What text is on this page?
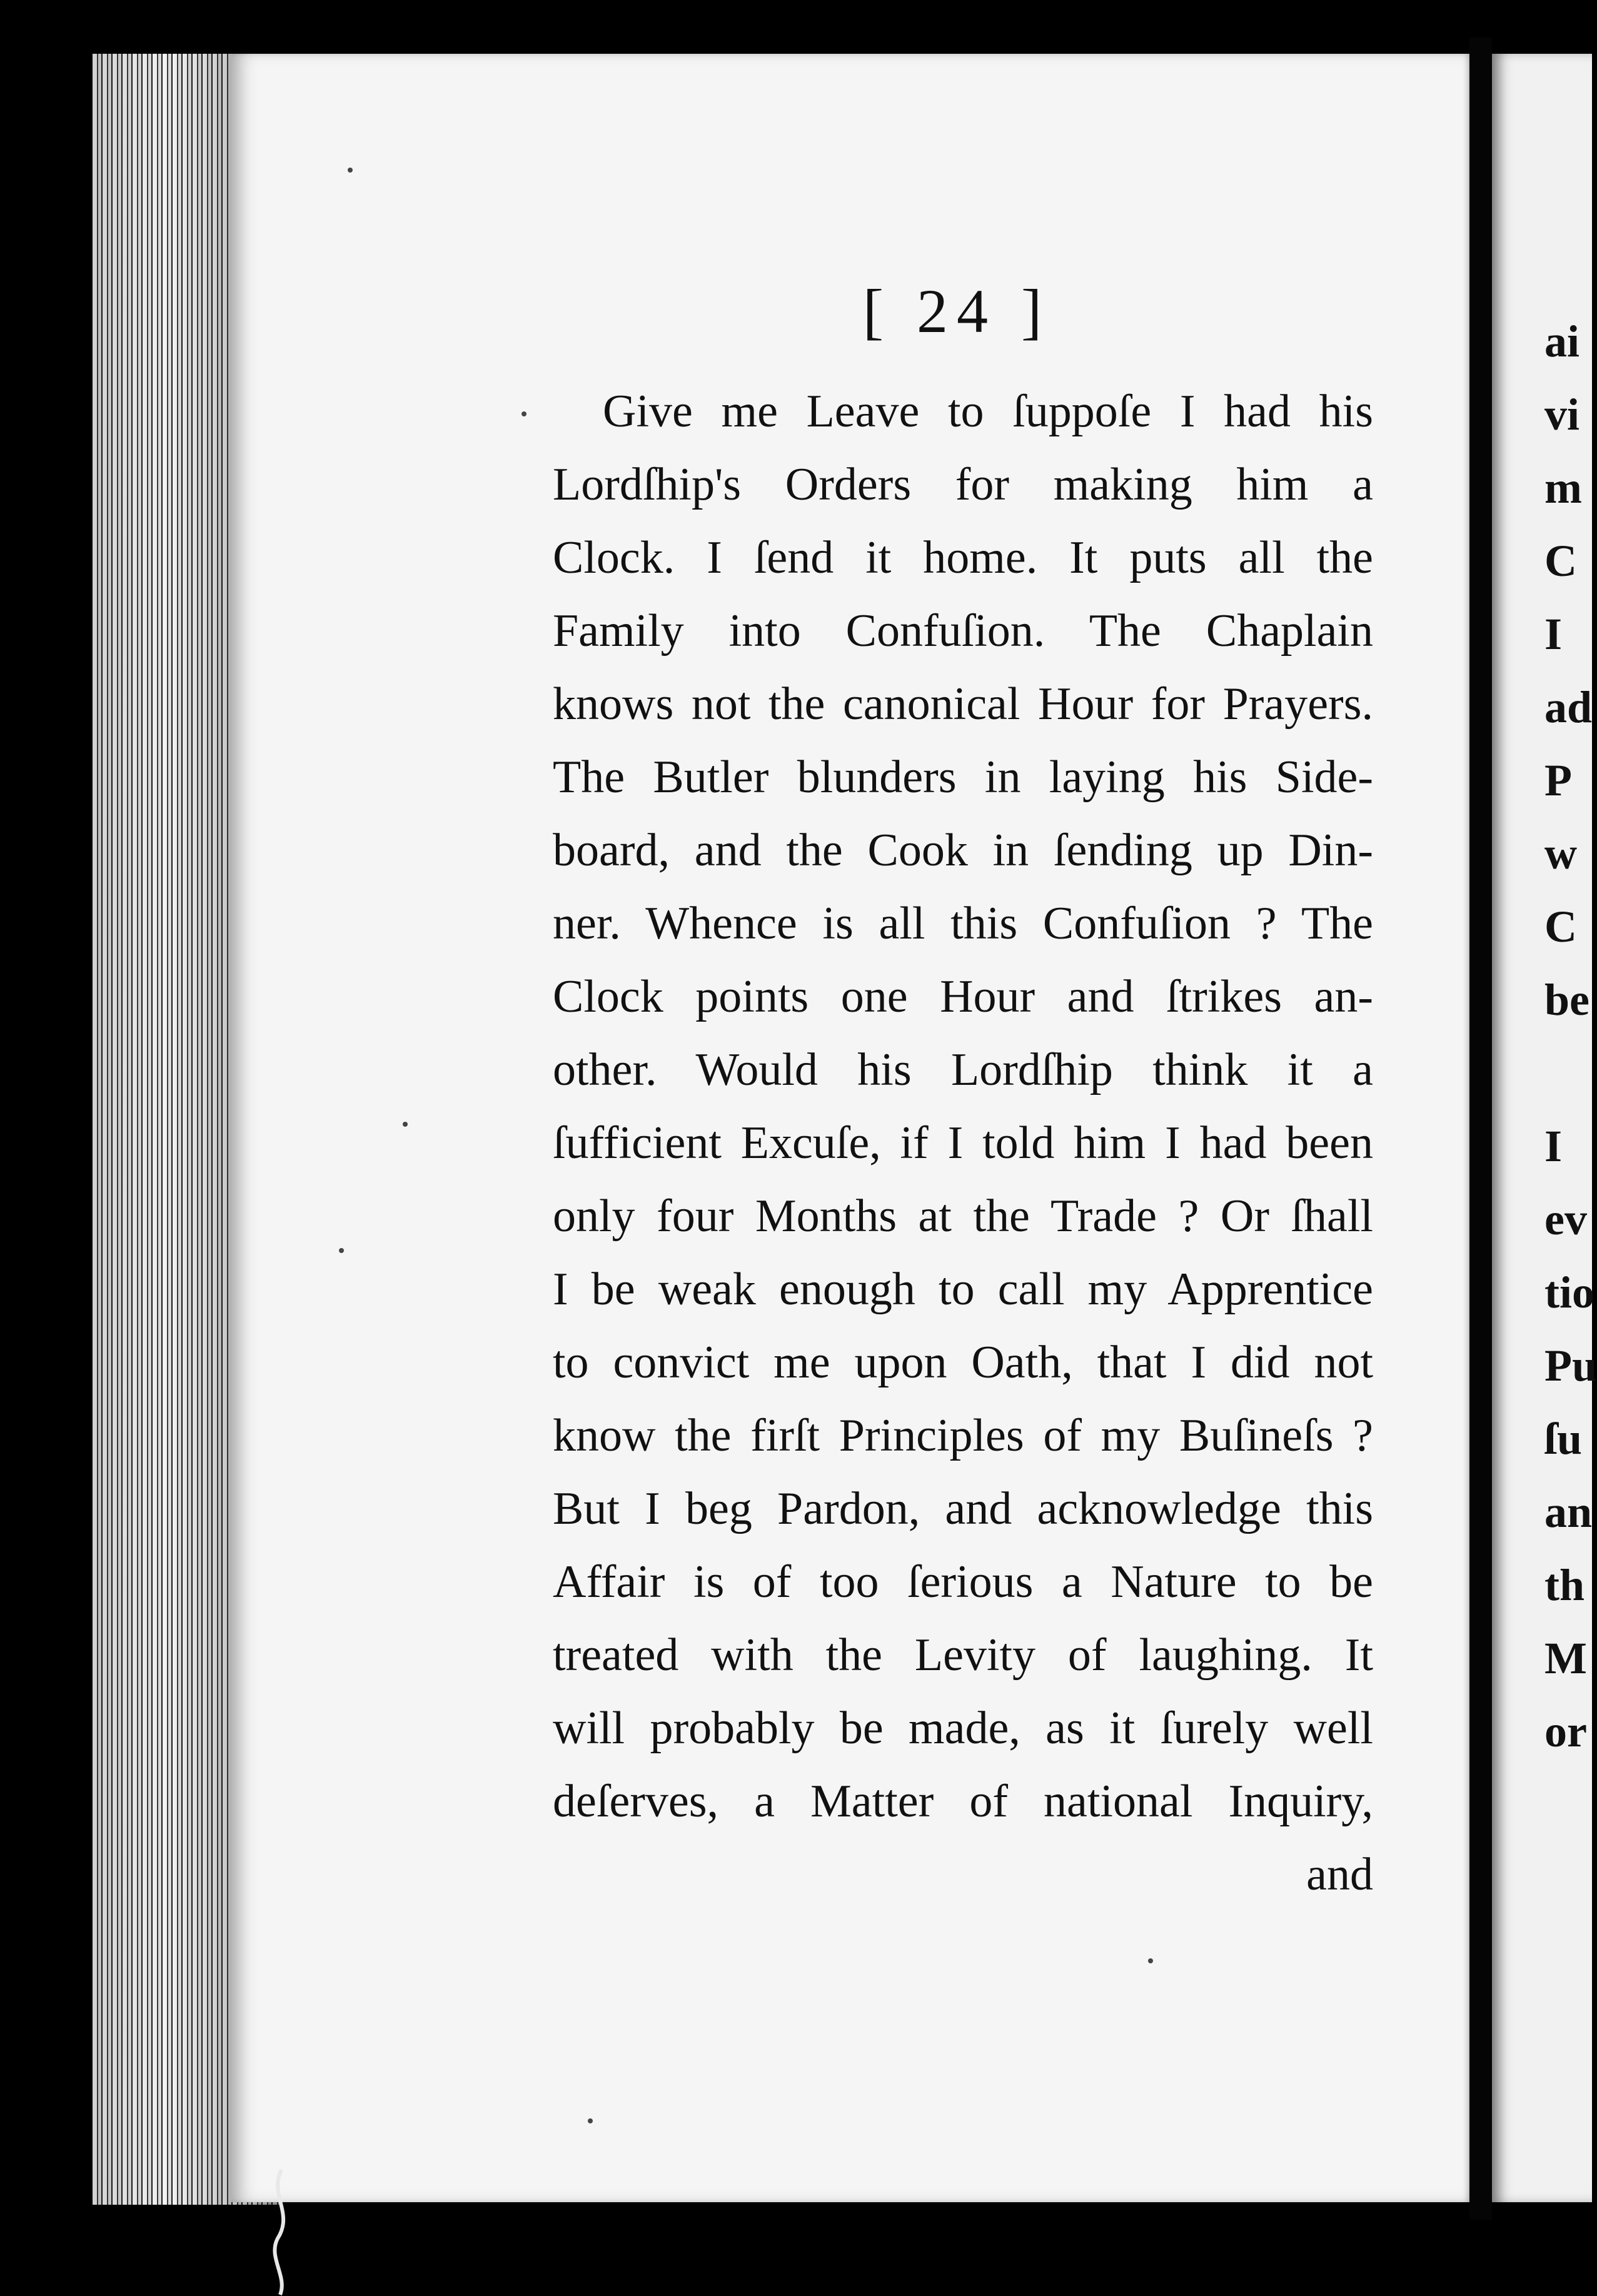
[ 24 ]
Give me Leave to ſuppoſe I had his
Lordſhip's Orders for making him a
Clock. I ſend it home. It puts all the
Family into Confuſion. The Chaplain
knows not the canonical Hour for Prayers.
The Butler blunders in laying his Side-
board, and the Cook in ſending up Din-
ner. Whence is all this Confuſion ? The
Clock points one Hour and ſtrikes an-
other. Would his Lordſhip think it a
ſufficient Excuſe, if I told him I had been
only four Months at the Trade ? Or ſhall
I be weak enough to call my Apprentice
to convict me upon Oath, that I did not
know the firſt Principles of my Buſineſs ?
But I beg Pardon, and acknowledge this
Affair is of too ſerious a Nature to be
treated with the Levity of laughing. It
will probably be made, as it ſurely well
deſerves, a Matter of national Inquiry,
and
ai
vi
m
C
I
ad
P
w
C
be
I
ev
tio
Pu
ſu
an
th
M
or
